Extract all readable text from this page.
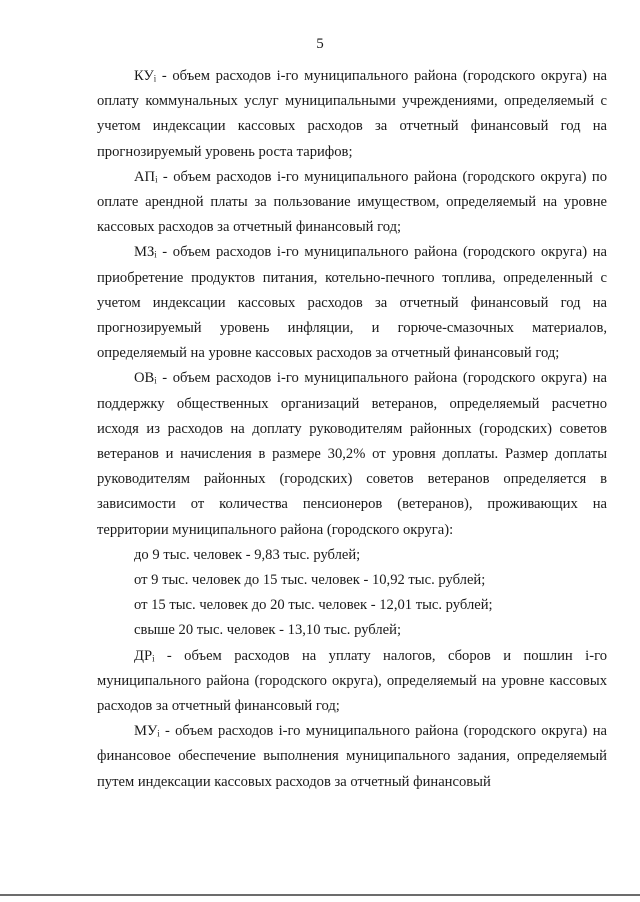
5

КУᵢ - объем расходов i-го муниципального района (городского округа) на оплату коммунальных услуг муниципальными учреждениями, определяемый с учетом индексации кассовых расходов за отчетный финансовый год на прогнозируемый уровень роста тарифов;

АПᵢ - объем расходов i-го муниципального района (городского округа) по оплате арендной платы за пользование имуществом, определяемый на уровне кассовых расходов за отчетный финансовый год;

МЗᵢ - объем расходов i-го муниципального района (городского округа) на приобретение продуктов питания, котельно-печного топлива, определенный с учетом индексации кассовых расходов за отчетный финансовый год на прогнозируемый уровень инфляции, и горюче-смазочных материалов, определяемый на уровне кассовых расходов за отчетный финансовый год;

ОВᵢ - объем расходов i-го муниципального района (городского округа) на поддержку общественных организаций ветеранов, определяемый расчетно исходя из расходов на доплату руководителям районных (городских) советов ветеранов и начисления в размере 30,2% от уровня доплаты. Размер доплаты руководителям районных (городских) советов ветеранов определяется в зависимости от количества пенсионеров (ветеранов), проживающих на территории муниципального района (городского округа):

до 9 тыс. человек - 9,83 тыс. рублей;

от 9 тыс. человек до 15 тыс. человек - 10,92 тыс. рублей;

от 15 тыс. человек до 20 тыс. человек - 12,01 тыс. рублей;

свыше 20 тыс. человек - 13,10 тыс. рублей;

ДРᵢ - объем расходов на уплату налогов, сборов и пошлин i-го муниципального района (городского округа), определяемый на уровне кассовых расходов за отчетный финансовый год;

МУᵢ - объем расходов i-го муниципального района (городского округа) на финансовое обеспечение выполнения муниципального задания, определяемый путем индексации кассовых расходов за отчетный финансовый
